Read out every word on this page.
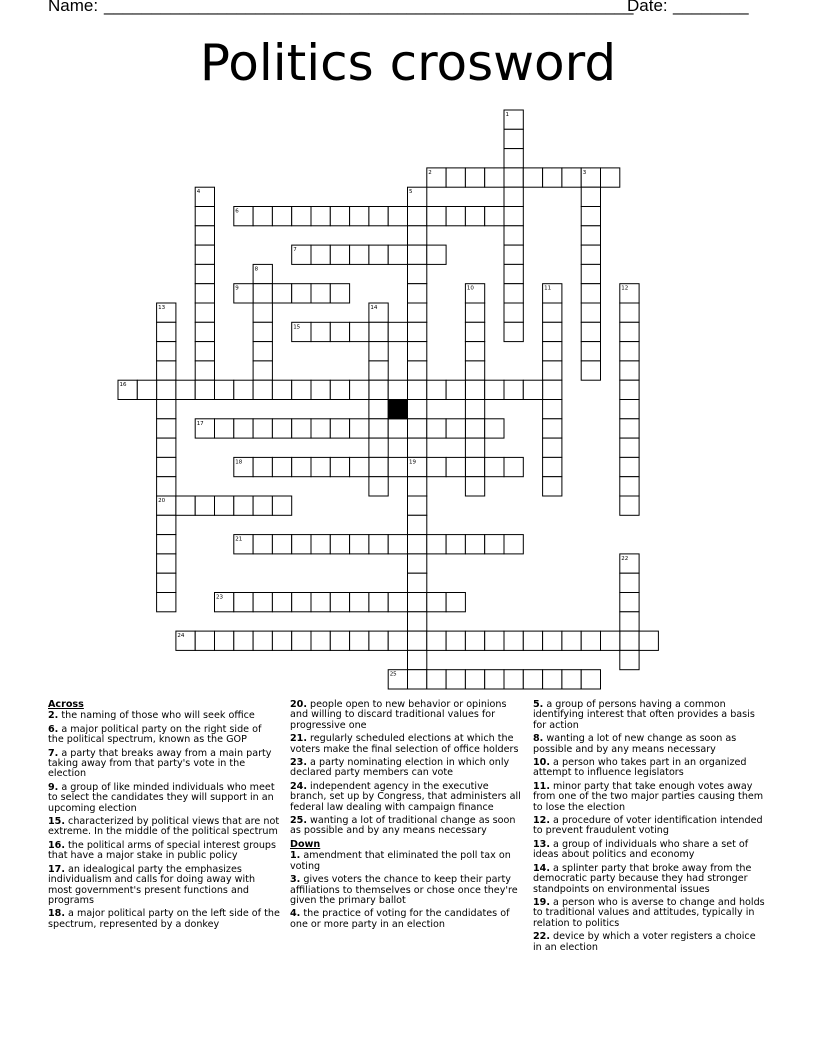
Name: ________________________________________________________
Date: ________
Politics crosword
1
2	3
4	5
6
7
8
9	10	11	12
13	14
15
16
17
18	19
20
21
22
23
24
25
Across
2. the naming of those who will seek office
6. a major political party on the right side of the political spectrum, known as the GOP
7. a party that breaks away from a main party taking away from that party's vote in the election
9. a group of like minded individuals who meet to select the candidates they will support in an upcoming election
15. characterized by political views that are not extreme. In the middle of the political spectrum
16. the political arms of special interest groups that have a major stake in public policy
17. an idealogical party the emphasizes individualism and calls for doing away with most government's present functions and programs
18. a major political party on the left side of the spectrum, represented by a donkey
20. people open to new behavior or opinions and willing to discard traditional values for progressive one
21. regularly scheduled elections at which the voters make the final selection of office holders
23. a party nominating election in which only declared party members can vote
24. independent agency in the executive branch, set up by Congress, that administers all federal law dealing with campaign finance
25. wanting a lot of traditional change as soon as possible and by any means necessary
Down
1. amendment that eliminated the poll tax on voting
3. gives voters the chance to keep their party affiliations to themselves or chose once they're given the primary ballot
4. the practice of voting for the candidates of one or more party in an election
5. a group of persons having a common identifying interest that often provides a basis for action
8. wanting a lot of new change as soon as possible and by any means necessary
10. a person who takes part in an organized attempt to influence legislators
11. minor party that take enough votes away from one of the two major parties causing them to lose the election
12. a procedure of voter identification intended to prevent fraudulent voting
13. a group of individuals who share a set of ideas about politics and economy
14. a splinter party that broke away from the democratic party because they had stronger standpoints on environmental issues
19. a person who is averse to change and holds to traditional values and attitudes, typically in relation to politics
22. device by which a voter registers a choice in an election
